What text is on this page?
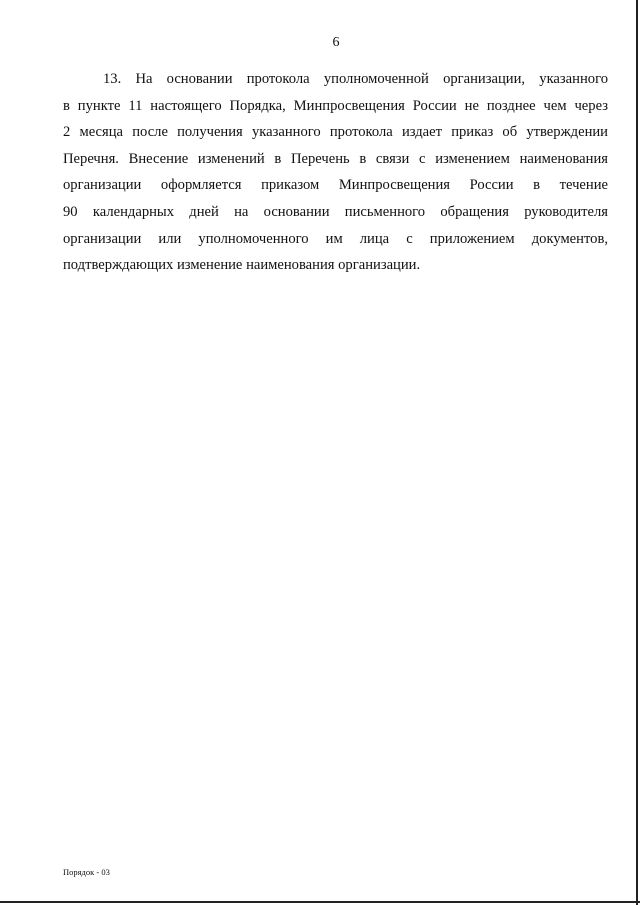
6

13. На основании протокола уполномоченной организации, указанного
в пункте 11 настоящего Порядка, Минпросвещения России не позднее чем через
2 месяца после получения указанного протокола издает приказ об утверждении
Перечня. Внесение изменений в Перечень в связи с изменением наименования
организации оформляется приказом Минпросвещения России в течение
90 календарных дней на основании письменного обращения руководителя
организации или уполномоченного им лица с приложением документов,
подтверждающих изменение наименования организации.

Порядок - 03
